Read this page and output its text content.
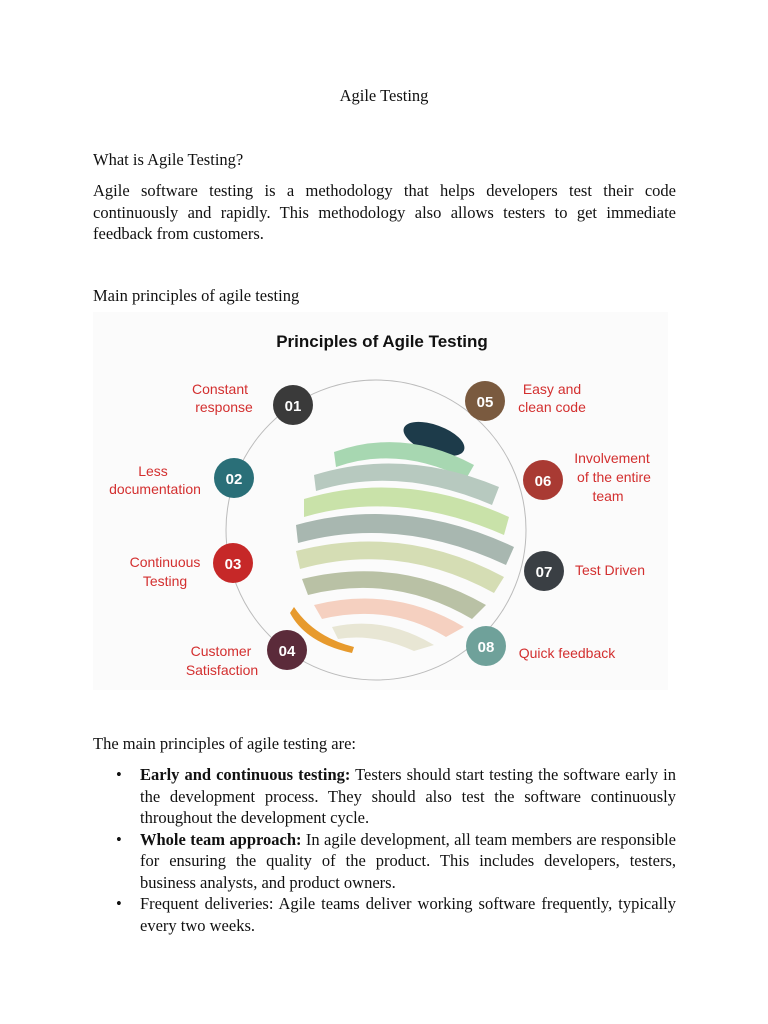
Agile Testing

What is Agile Testing?

Agile software testing is a methodology that helps developers test their code continuously and rapidly. This methodology also allows testers to get immediate feedback from customers.

Main principles of agile testing

Principles of Agile Testing
01
Constant
response
02
Less
documentation
03
Continuous
Testing
04
Customer
Satisfaction
05
Easy and
clean code
06
Involvement
of the entire
team
07 Test Driven
08 Quick feedback

The main principles of agile testing are:

• Early and continuous testing: Testers should start testing the software early in the development process. They should also test the software continuously throughout the development cycle.
• Whole team approach: In agile development, all team members are responsible for ensuring the quality of the product. This includes developers, testers, business analysts, and product owners.
• Frequent deliveries: Agile teams deliver working software frequently, typically every two weeks.
